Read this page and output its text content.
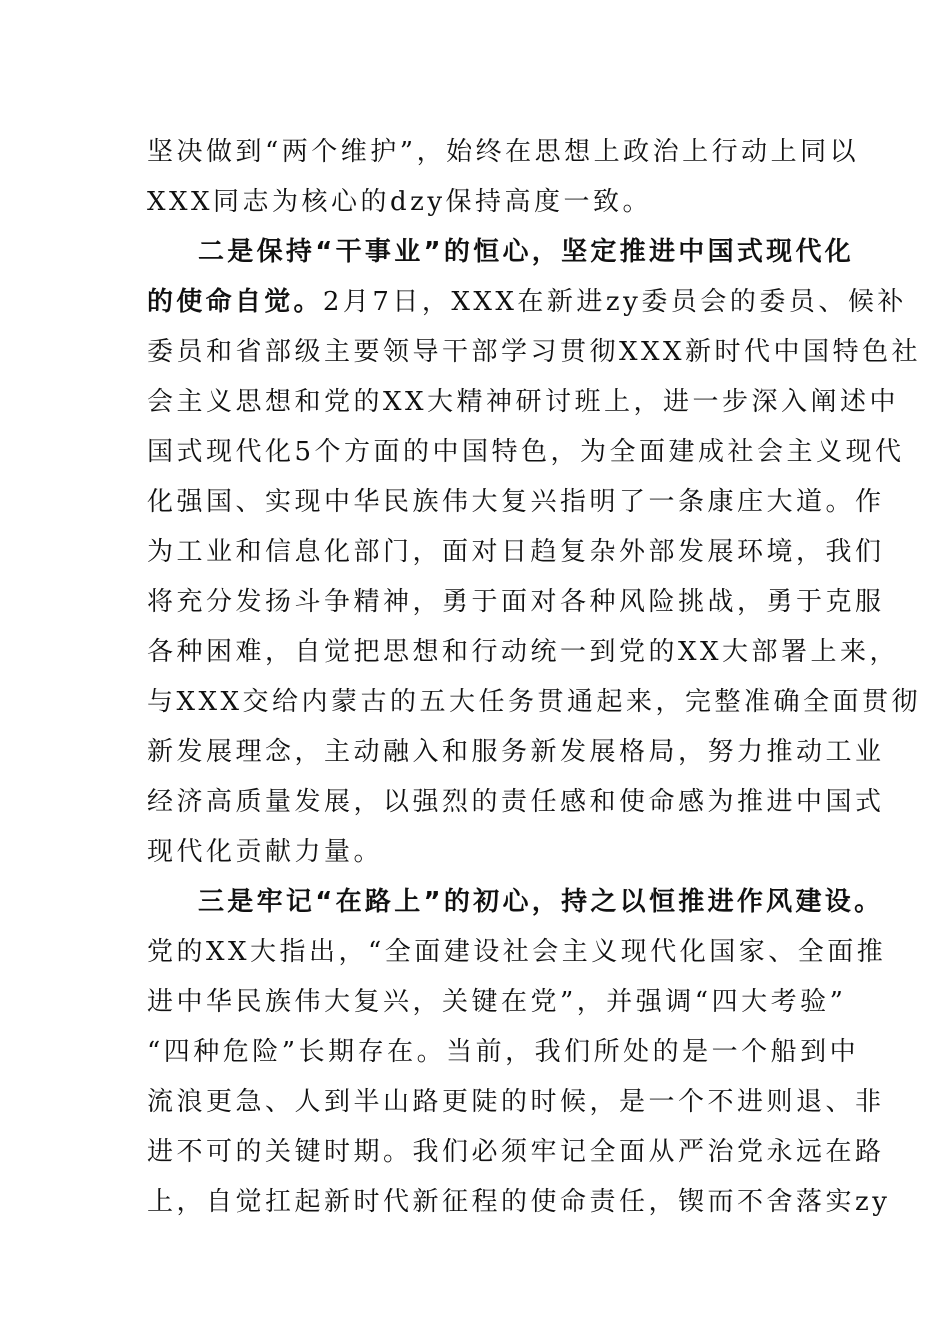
坚决做到“两个维护”，始终在思想上政治上行动上同以
XXX同志为核心的dzy保持高度一致。
二是保持“干事业”的恒心，坚定推进中国式现代化
的使命自觉。2月7日，XXX在新进zy委员会的委员、候补
委员和省部级主要领导干部学习贯彻XXX新时代中国特色社
会主义思想和党的XX大精神研讨班上，进一步深入阐述中
国式现代化5个方面的中国特色，为全面建成社会主义现代
化强国、实现中华民族伟大复兴指明了一条康庄大道。作
为工业和信息化部门，面对日趋复杂外部发展环境，我们
将充分发扬斗争精神，勇于面对各种风险挑战，勇于克服
各种困难，自觉把思想和行动统一到党的XX大部署上来，
与XXX交给内蒙古的五大任务贯通起来，完整准确全面贯彻
新发展理念，主动融入和服务新发展格局，努力推动工业
经济高质量发展，以强烈的责任感和使命感为推进中国式
现代化贡献力量。
三是牢记“在路上”的初心，持之以恒推进作风建设。
党的XX大指出，“全面建设社会主义现代化国家、全面推
进中华民族伟大复兴，关键在党”，并强调“四大考验”
“四种危险”长期存在。当前，我们所处的是一个船到中
流浪更急、人到半山路更陡的时候，是一个不进则退、非
进不可的关键时期。我们必须牢记全面从严治党永远在路
上，自觉扛起新时代新征程的使命责任，锲而不舍落实zy
